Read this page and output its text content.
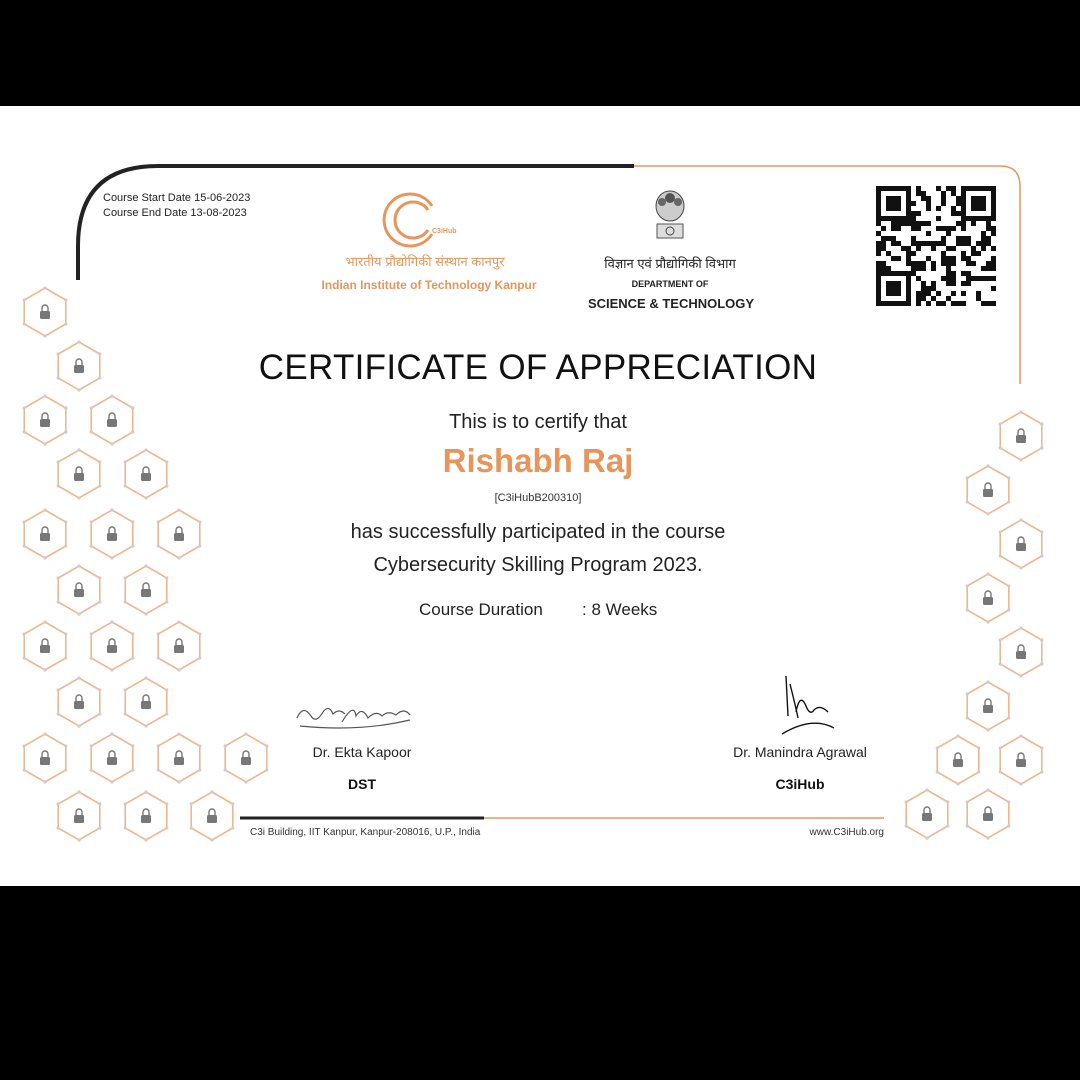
Course Start Date 15-06-2023
Course End Date 13-08-2023
C3iHub
भारतीय प्रौद्योगिकी संस्थान कानपुर
Indian Institute of Technology Kanpur
विज्ञान एवं प्रौद्योगिकी विभाग
DEPARTMENT OF
SCIENCE & TECHNOLOGY
CERTIFICATE OF APPRECIATION
This is to certify that
Rishabh Raj
[C3iHubB200310]
has successfully participated in the course
Cybersecurity Skilling Program 2023.
Course Duration : 8 Weeks
Dr. Ekta Kapoor
DST
Dr. Manindra Agrawal
C3iHub
C3i Building, IIT Kanpur, Kanpur-208016, U.P., India	www.C3iHub.org
